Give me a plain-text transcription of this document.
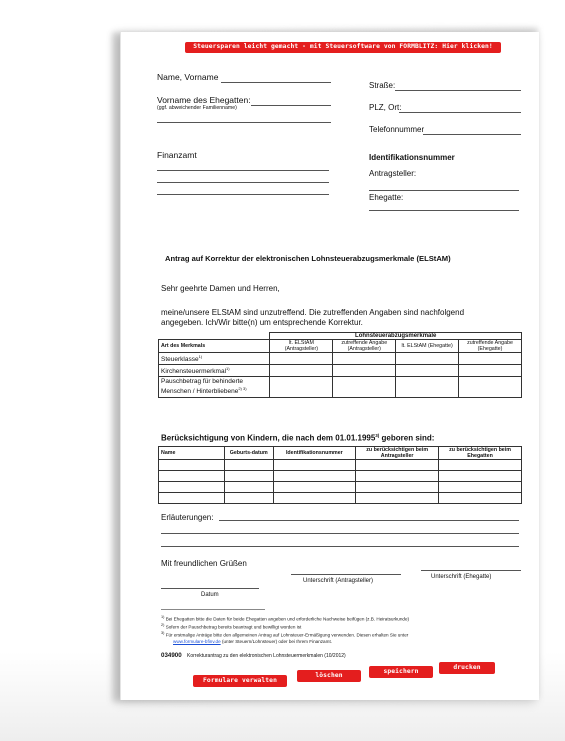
Steuersparen leicht gemacht - mit Steuersoftware von FORMBLITZ: Hier klicken!
Name, Vorname
Vorname des Ehegatten:
(ggf. abweichender Familienname)
Straße:
PLZ, Ort:
Telefonnummer
Finanzamt	Identifikationsnummer
Antragsteller:
Ehegatte:
Antrag auf Korrektur der elektronischen Lohnsteuerabzugsmerkmale (ELStAM)
Sehr geehrte Damen und Herren,
meine/unsere ELStAM sind unzutreffend. Die zutreffenden Angaben sind nachfolgend angegeben. Ich/Wir bitte(n) um entsprechende Korrektur.
	Lohnsteuerabzugsmerkmale			
Art des Merkmals	lt. ELStAM (Antragsteller)	zutreffende Angabe (Antragsteller)	lt. ELStAM (Ehegatte)	zutreffende Angabe (Ehegatte)
Steuerklasse$^{1)}$				
Kirchensteuermerkmal$^{1)}$				
Pauschbetrag für behinderte Menschen / Hinterbliebene$^{2) 3)}$				
Berücksichtigung von Kindern, die nach dem 01.01.1995$^{3)}$ geboren sind:
Name	Geburts-datum	Identifikationsnummer	zu berücksichtigen beim Antragsteller	zu berücksichtigen beim Ehegatten

Erläuterungen:
Mit freundlichen Grüßen
Datum
Unterschrift (Antragsteller)
Unterschrift (Ehegatte)
$^{1)}$ Bei Ehegatten bitte die Daten für beide Ehegatten angeben und erforderliche Nachweise beifügen (z.B. Heiratsurkunde)
$^{2)}$ Sofern der Pauschbetrag bereits beantragt und bewilligt worden ist
$^{3)}$ Für erstmalige Anträge bitte den allgemeinen Antrag auf Lohnsteuer-Ermäßigung verwenden. Diesen erhalten Sie unter
www.formulare-bfinv.de (unter Steuern/Lohnsteuer) oder bei Ihrem Finanzamt.
034900 Korrekturantrag zu den elektronischen Lohnsteuermerkmalen (10/2012)
Formulare verwalten
löschen
speichern
drucken
